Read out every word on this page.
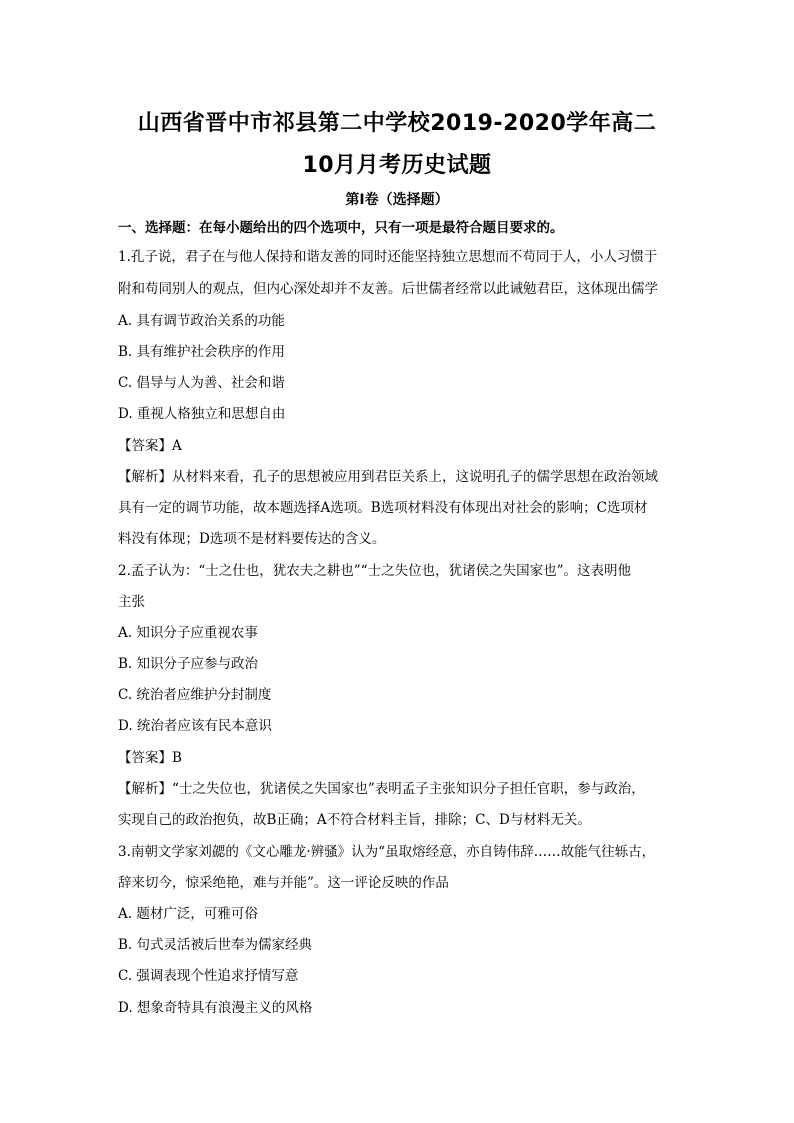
山西省晋中市祁县第二中学校2019-2020学年高二
10月月考历史试题
第Ⅰ卷（选择题）
一、选择题：在每小题给出的四个选项中，只有一项是最符合题目要求的。
1.孔子说，君子在与他人保持和谐友善的同时还能坚持独立思想而不苟同于人，小人习惯于
附和苟同别人的观点，但内心深处却并不友善。后世儒者经常以此诫勉君臣，这体现出儒学
A. 具有调节政治关系的功能
B. 具有维护社会秩序的作用
C. 倡导与人为善、社会和谐
D. 重视人格独立和思想自由
【答案】A
【解析】从材料来看，孔子的思想被应用到君臣关系上，这说明孔子的儒学思想在政治领域
具有一定的调节功能，故本题选择A选项。B选项材料没有体现出对社会的影响；C选项材
料没有体现；D选项不是材料要传达的含义。
2.孟子认为：“士之仕也，犹农夫之耕也”“士之失位也，犹诸侯之失国家也”。这表明他
主张
A. 知识分子应重视农事
B. 知识分子应参与政治
C. 统治者应维护分封制度
D. 统治者应该有民本意识
【答案】B
【解析】“士之失位也，犹诸侯之失国家也”表明孟子主张知识分子担任官职，参与政治，
实现自己的政治抱负，故B正确；A不符合材料主旨，排除；C、D与材料无关。
3.南朝文学家刘勰的《文心雕龙·辨骚》认为“虽取熔经意，亦自铸伟辞……故能气往轹古，
辞来切今，惊采绝艳，难与并能”。这一评论反映的作品
A. 题材广泛，可雅可俗
B. 句式灵活被后世奉为儒家经典
C. 强调表现个性追求抒情写意
D. 想象奇特具有浪漫主义的风格
